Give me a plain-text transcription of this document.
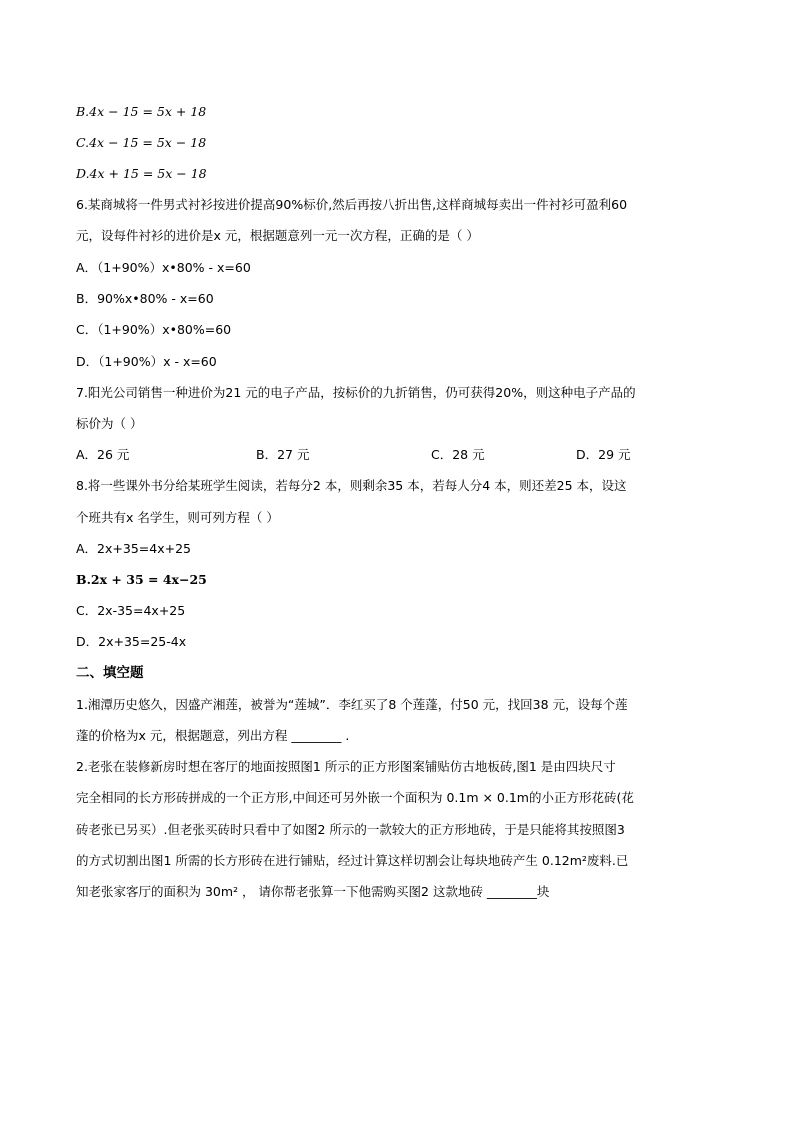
B.4x − 15 = 5x + 18
C.4x − 15 = 5x − 18
D.4x + 15 = 5x − 18
6.某商城将一件男式衬衫按进价提高90%标价,然后再按八折出售,这样商城每卖出一件衬衫可盈利60
元，设每件衬衫的进价是x 元，根据题意列一元一次方程，正确的是（ ）
A．（1+90%）x•80% - x=60
B．90%x•80% - x=60
C．（1+90%）x•80%=60
D．（1+90%）x - x=60
7.阳光公司销售一种进价为21 元的电子产品，按标价的九折销售，仍可获得20%，则这种电子产品的
标价为（ ）
A．26 元	B．27 元	C．28 元	D．29 元
8.将一些课外书分给某班学生阅读，若每分2 本，则剩余35 本，若每人分4 本，则还差25 本，设这
个班共有x 名学生，则可列方程（ ）
A．2x+35=4x+25
B.2x + 35 = 4x−25
C．2x-35=4x+25
D．2x+35=25-4x
二、填空题
1.湘潭历史悠久，因盛产湘莲，被誉为“莲城”．李红买了8 个莲蓬，付50 元，找回38 元，设每个莲
蓬的价格为x 元，根据题意，列出方程 ________ .
2.老张在装修新房时想在客厅的地面按照图1 所示的正方形图案铺贴仿古地板砖,图1 是由四块尺寸
完全相同的长方形砖拼成的一个正方形,中间还可另外嵌一个面积为 0.1m × 0.1m的小正方形花砖(花
砖老张已另买）.但老张买砖时只看中了如图2 所示的一款较大的正方形地砖，于是只能将其按照图3
的方式切割出图1 所需的长方形砖在进行铺贴，经过计算这样切割会让每块地砖产生 0.12m²废料.已
知老张家客厅的面积为 30m² ， 请你帮老张算一下他需购买图2 这款地砖 ________块
